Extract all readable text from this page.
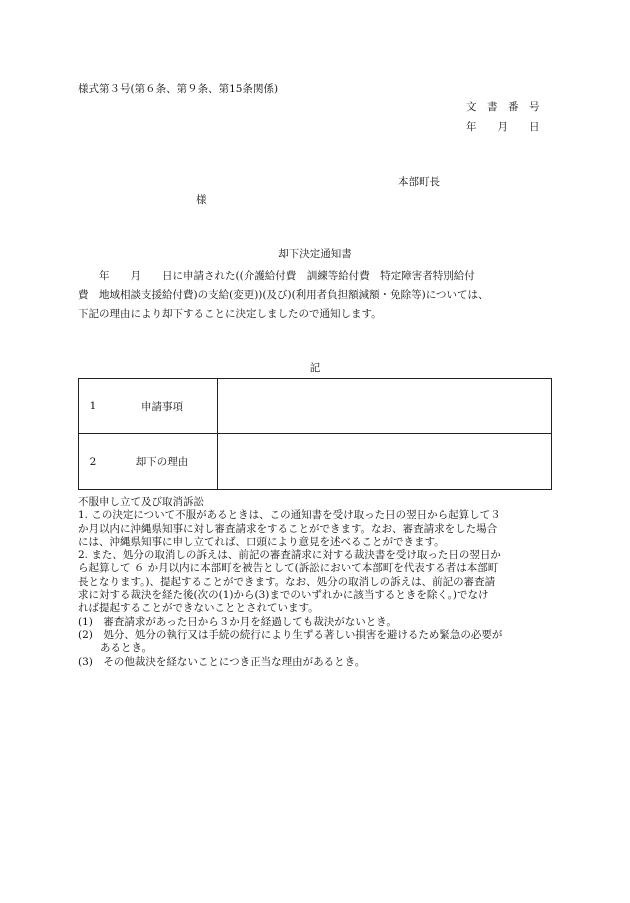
様式第３号(第６条、第９条、第15条関係)
文　書　番　号
年　　月　　日
本部町長
様
却下決定通知書
　　年　　月　　日に申請された((介護給付費　訓練等給付費　特定障害者特別給付
費　地域相談支援給付費)の支給(変更))(及び)(利用者負担額減額・免除等)については、
下記の理由により却下することに決定しましたので通知します。
記
1	申請事項
2	却下の理由
不服申し立て及び取消訴訟
1. この決定について不服があるときは、この通知書を受け取った日の翌日から起算して３
か月以内に沖縄県知事に対し審査請求をすることができます。なお、審査請求をした場合
には、沖縄県知事に申し立てれば、口頭により意見を述べることができます。
2. また、処分の取消しの訴えは、前記の審査請求に対する裁決書を受け取った日の翌日か
ら起算して ６ か月以内に本部町を被告として(訴訟において本部町を代表する者は本部町
長となります。)、提起することができます。なお、処分の取消しの訴えは、前記の審査請
求に対する裁決を経た後(次の(1)から(3)までのいずれかに該当するときを除く。)でなけ
れば提起することができないこととされています。
(1)　審査請求があった日から３か月を経過しても裁決がないとき。
(2)　処分、処分の執行又は手続の続行により生ずる著しい損害を避けるため緊急の必要が
あるとき。
(3)　その他裁決を経ないことにつき正当な理由があるとき。
